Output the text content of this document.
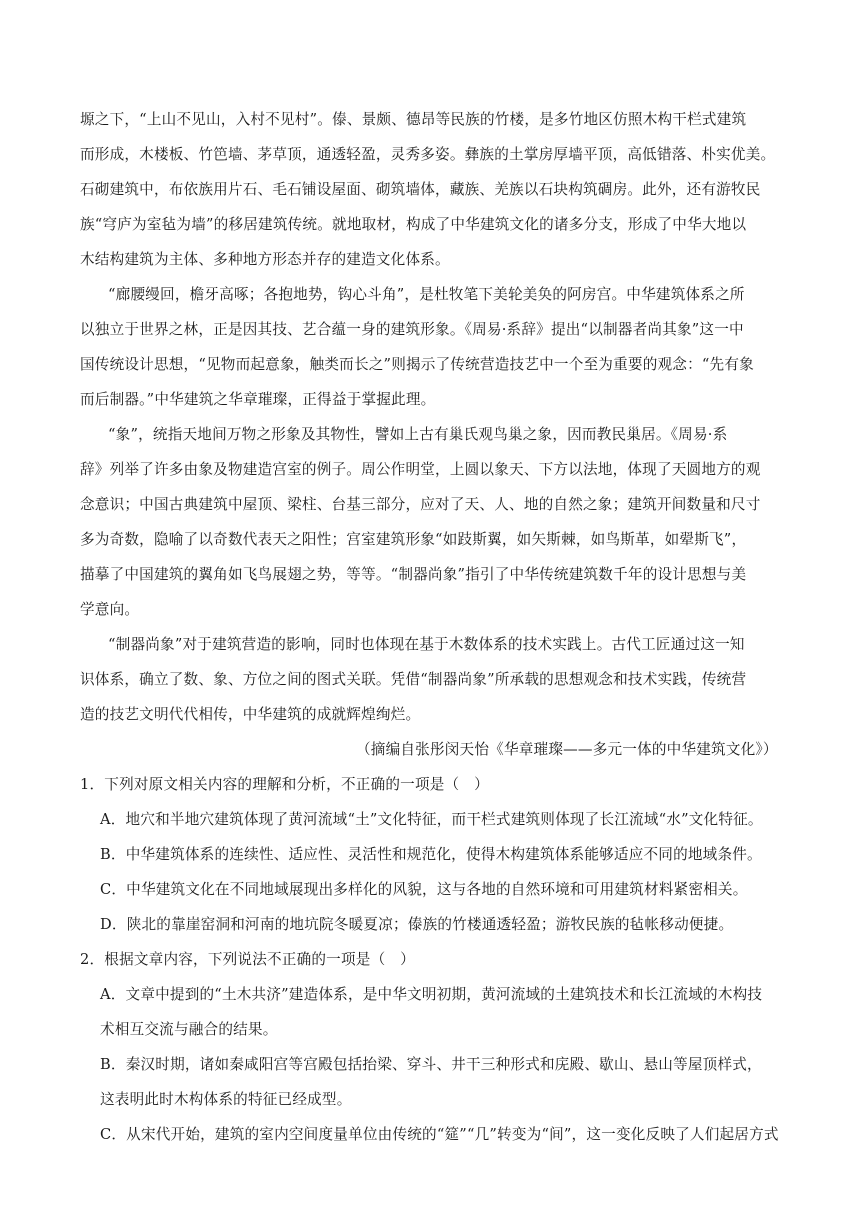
塬之下，“上山不见山，入村不见村”。傣、景颇、德昂等民族的竹楼，是多竹地区仿照木构干栏式建筑
而形成，木楼板、竹笆墙、茅草顶，通透轻盈，灵秀多姿。彝族的土掌房厚墙平顶，高低错落、朴实优美。
石砌建筑中，布依族用片石、毛石铺设屋面、砌筑墙体，藏族、羌族以石块构筑碉房。此外，还有游牧民
族“穹庐为室毡为墙”的移居建筑传统。就地取材，构成了中华建筑文化的诸多分支，形成了中华大地以
木结构建筑为主体、多种地方形态并存的建造文化体系。
“廊腰缦回，檐牙高啄；各抱地势，钩心斗角”，是杜牧笔下美轮美奂的阿房宫。中华建筑体系之所
以独立于世界之林，正是因其技、艺合蕴一身的建筑形象。《周易·系辞》提出“以制器者尚其象”这一中
国传统设计思想，“见物而起意象，触类而长之”则揭示了传统营造技艺中一个至为重要的观念：“先有象
而后制器。”中华建筑之华章璀璨，正得益于掌握此理。
“象”，统指天地间万物之形象及其物性，譬如上古有巢氏观鸟巢之象，因而教民巢居。《周易·系
辞》列举了许多由象及物建造宫室的例子。周公作明堂，上圆以象天、下方以法地，体现了天圆地方的观
念意识；中国古典建筑中屋顶、梁柱、台基三部分，应对了天、人、地的自然之象；建筑开间数量和尺寸
多为奇数，隐喻了以奇数代表天之阳性；宫室建筑形象“如跂斯翼，如矢斯棘，如鸟斯革，如翚斯飞”，
描摹了中国建筑的翼角如飞鸟展翅之势，等等。“制器尚象”指引了中华传统建筑数千年的设计思想与美
学意向。
“制器尚象”对于建筑营造的影响，同时也体现在基于木数体系的技术实践上。古代工匠通过这一知
识体系，确立了数、象、方位之间的图式关联。凭借“制器尚象”所承载的思想观念和技术实践，传统营
造的技艺文明代代相传，中华建筑的成就辉煌绚烂。
（摘编自张彤闵天怡《华章璀璨——多元一体的中华建筑文化》）
1．下列对原文相关内容的理解和分析，不正确的一项是（　）
A．地穴和半地穴建筑体现了黄河流域“土”文化特征，而干栏式建筑则体现了长江流域“水”文化特征。
B．中华建筑体系的连续性、适应性、灵活性和规范化，使得木构建筑体系能够适应不同的地域条件。
C．中华建筑文化在不同地域展现出多样化的风貌，这与各地的自然环境和可用建筑材料紧密相关。
D．陕北的靠崖窑洞和河南的地坑院冬暖夏凉；傣族的竹楼通透轻盈；游牧民族的毡帐移动便捷。
2．根据文章内容，下列说法不正确的一项是（　）
A．文章中提到的“土木共济”建造体系，是中华文明初期，黄河流域的土建筑技术和长江流域的木构技
术相互交流与融合的结果。
B．秦汉时期，诸如秦咸阳宫等宫殿包括抬梁、穿斗、井干三种形式和庑殿、歇山、悬山等屋顶样式，
这表明此时木构体系的特征已经成型。
C．从宋代开始，建筑的室内空间度量单位由传统的“筵”“几”转变为“间”，这一变化反映了人们起居方式
